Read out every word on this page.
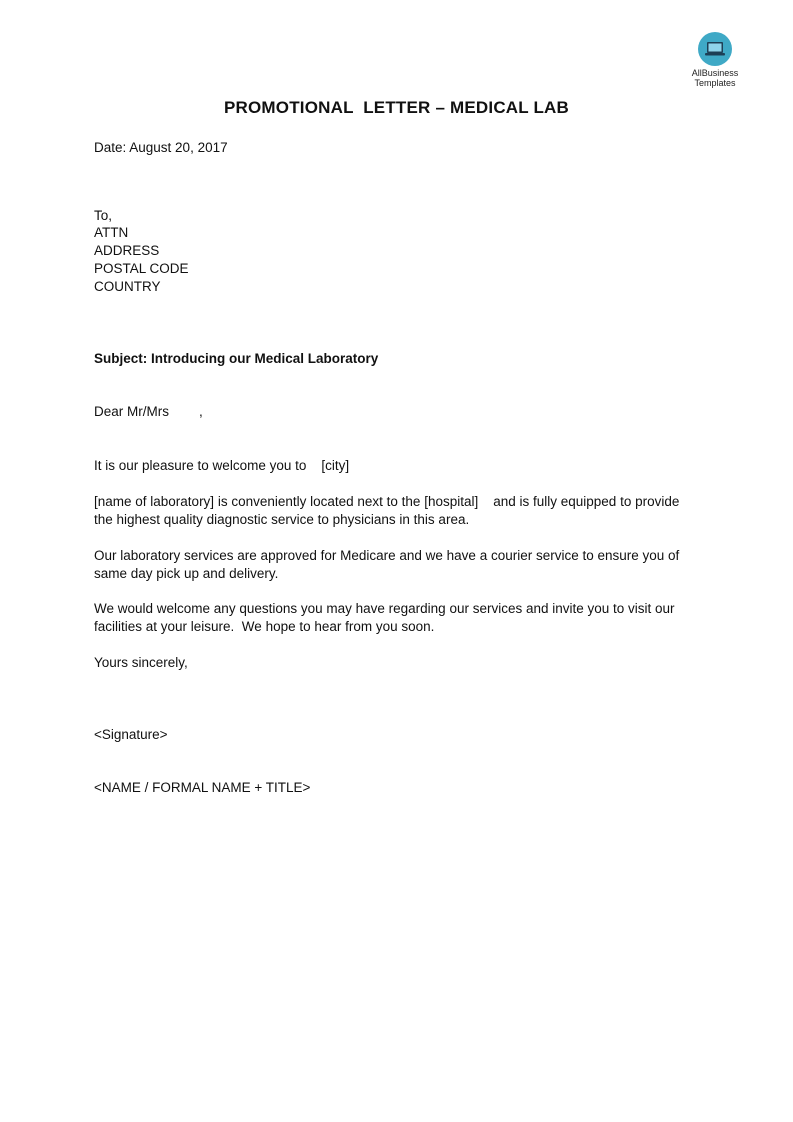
AllBusiness
Templates
PROMOTIONAL  LETTER – MEDICAL LAB
Date: August 20, 2017
To,
ATTN
ADDRESS
POSTAL CODE
COUNTRY
Subject: Introducing our Medical Laboratory
Dear Mr/Mrs        ,
It is our pleasure to welcome you to    [city]
[name of laboratory] is conveniently located next to the [hospital]    and is fully equipped to provide
the highest quality diagnostic service to physicians in this area.
Our laboratory services are approved for Medicare and we have a courier service to ensure you of
same day pick up and delivery.
We would welcome any questions you may have regarding our services and invite you to visit our
facilities at your leisure.  We hope to hear from you soon.
Yours sincerely,
<Signature>
<NAME / FORMAL NAME + TITLE>
